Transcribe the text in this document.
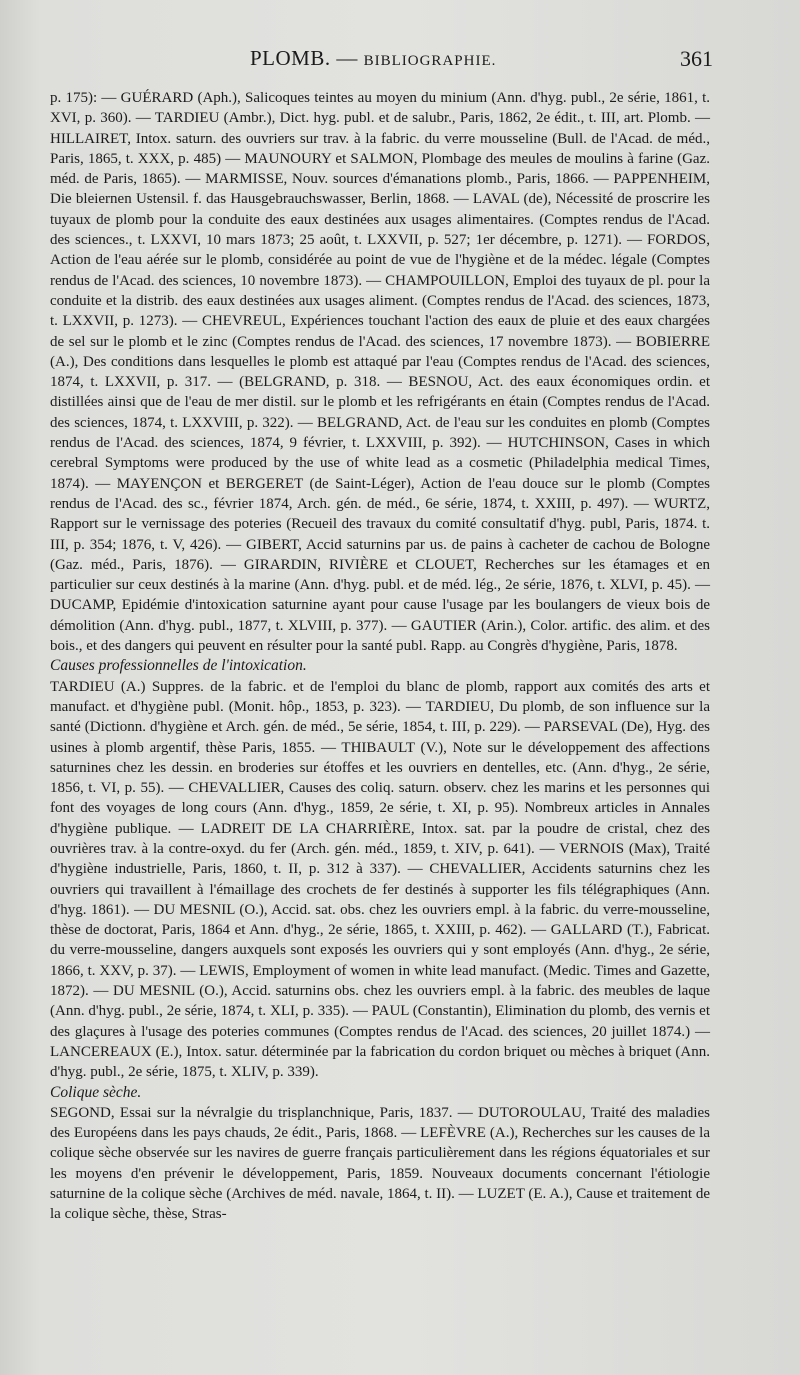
PLOMB. — BIBLIOGRAPHIE.	361

p. 175): — GUÉRARD (Aph.), Salicoques teintes au moyen du minium (Ann. d'hyg. publ., 2e série, 1861, t. XVI, p. 360). — TARDIEU (Ambr.), Dict. hyg. publ. et de salubr., Paris, 1862, 2e édit., t. III, art. Plomb. — HILLAIRET, Intox. saturn. des ouvriers sur trav. à la fabric. du verre mousseline (Bull. de l'Acad. de méd., Paris, 1865, t. XXX, p. 485) — MAUNOURY et SALMON, Plombage des meules de moulins à farine (Gaz. méd. de Paris, 1865). — MARMISSE, Nouv. sources d'émanations plomb., Paris, 1866. — PAPPENHEIM, Die bleiernen Ustensil. f. das Hausgebrauchswasser, Berlin, 1868. — LAVAL (de), Nécessité de proscrire les tuyaux de plomb pour la conduite des eaux destinées aux usages alimentaires. (Comptes rendus de l'Acad. des sciences., t. LXXVI, 10 mars 1873; 25 août, t. LXXVII, p. 527; 1er décembre, p. 1271). — FORDOS, Action de l'eau aérée sur le plomb, considérée au point de vue de l'hygiène et de la médec. légale (Comptes rendus de l'Acad. des sciences, 10 novembre 1873). — CHAMPOUILLON, Emploi des tuyaux de pl. pour la conduite et la distrib. des eaux destinées aux usages aliment. (Comptes rendus de l'Acad. des sciences, 1873, t. LXXVII, p. 1273). — CHEVREUL, Expériences touchant l'action des eaux de pluie et des eaux chargées de sel sur le plomb et le zinc (Comptes rendus de l'Acad. des sciences, 17 novembre 1873). — BOBIERRE (A.), Des conditions dans lesquelles le plomb est attaqué par l'eau (Comptes rendus de l'Acad. des sciences, 1874, t. LXXVII, p. 317. — (BELGRAND, p. 318. — BESNOU, Act. des eaux économiques ordin. et distillées ainsi que de l'eau de mer distil. sur le plomb et les refrigérants en étain (Comptes rendus de l'Acad. des sciences, 1874, t. LXXVIII, p. 322). — BELGRAND, Act. de l'eau sur les conduites en plomb (Comptes rendus de l'Acad. des sciences, 1874, 9 février, t. LXXVIII, p. 392). — HUTCHINSON, Cases in which cerebral Symptoms were produced by the use of white lead as a cosmetic (Philadelphia medical Times, 1874). — MAYENÇON et BERGERET (de Saint-Léger), Action de l'eau douce sur le plomb (Comptes rendus de l'Acad. des sc., février 1874, Arch. gén. de méd., 6e série, 1874, t. XXIII, p. 497). — WURTZ, Rapport sur le vernissage des poteries (Recueil des travaux du comité consultatif d'hyg. publ, Paris, 1874. t. III, p. 354; 1876, t. V, 426). — GIBERT, Accid saturnins par us. de pains à cacheter de cachou de Bologne (Gaz. méd., Paris, 1876). — GIRARDIN, RIVIÈRE et CLOUET, Recherches sur les étamages et en particulier sur ceux destinés à la marine (Ann. d'hyg. publ. et de méd. lég., 2e série, 1876, t. XLVI, p. 45). — DUCAMP, Epidémie d'intoxication saturnine ayant pour cause l'usage par les boulangers de vieux bois de démolition (Ann. d'hyg. publ., 1877, t. XLVIII, p. 377). — GAUTIER (Arin.), Color. artific. des alim. et des bois., et des dangers qui peuvent en résulter pour la santé publ. Rapp. au Congrès d'hygiène, Paris, 1878.

Causes professionnelles de l'intoxication.

TARDIEU (A.) Suppres. de la fabric. et de l'emploi du blanc de plomb, rapport aux comités des arts et manufact. et d'hygiène publ. (Monit. hôp., 1853, p. 323). — TARDIEU, Du plomb, de son influence sur la santé (Dictionn. d'hygiène et Arch. gén. de méd., 5e série, 1854, t. III, p. 229). — PARSEVAL (De), Hyg. des usines à plomb argentif, thèse Paris, 1855. — THIBAULT (V.), Note sur le développement des affections saturnines chez les dessin. en broderies sur étoffes et les ouvriers en dentelles, etc. (Ann. d'hyg., 2e série, 1856, t. VI, p. 55). — CHEVALLIER, Causes des coliq. saturn. observ. chez les marins et les personnes qui font des voyages de long cours (Ann. d'hyg., 1859, 2e série, t. XI, p. 95). Nombreux articles in Annales d'hygiène publique. — LADREIT DE LA CHARRIÈRE, Intox. sat. par la poudre de cristal, chez des ouvrières trav. à la contre-oxyd. du fer (Arch. gén. méd., 1859, t. XIV, p. 641). — VERNOIS (Max), Traité d'hygiène industrielle, Paris, 1860, t. II, p. 312 à 337). — CHEVALLIER, Accidents saturnins chez les ouvriers qui travaillent à l'émaillage des crochets de fer destinés à supporter les fils télégraphiques (Ann. d'hyg. 1861). — DU MESNIL (O.), Accid. sat. obs. chez les ouvriers empl. à la fabric. du verre-mousseline, thèse de doctorat, Paris, 1864 et Ann. d'hyg., 2e série, 1865, t. XXIII, p. 462). — GALLARD (T.), Fabricat. du verre-mousseline, dangers auxquels sont exposés les ouvriers qui y sont employés (Ann. d'hyg., 2e série, 1866, t. XXV, p. 37). — LEWIS, Employment of women in white lead manufact. (Medic. Times and Gazette, 1872). — DU MESNIL (O.), Accid. saturnins obs. chez les ouvriers empl. à la fabric. des meubles de laque (Ann. d'hyg. publ., 2e série, 1874, t. XLI, p. 335). — PAUL (Constantin), Elimination du plomb, des vernis et des glaçures à l'usage des poteries communes (Comptes rendus de l'Acad. des sciences, 20 juillet 1874.) — LANCEREAUX (E.), Intox. satur. déterminée par la fabrication du cordon briquet ou mèches à briquet (Ann. d'hyg. publ., 2e série, 1875, t. XLIV, p. 339).

Colique sèche.

SEGOND, Essai sur la névralgie du trisplanchnique, Paris, 1837. — DUTOROULAU, Traité des maladies des Européens dans les pays chauds, 2e édit., Paris, 1868. — LEFÈVRE (A.), Recherches sur les causes de la colique sèche observée sur les navires de guerre français particulièrement dans les régions équatoriales et sur les moyens d'en prévenir le développement, Paris, 1859. Nouveaux documents concernant l'étiologie saturnine de la colique sèche (Archives de méd. navale, 1864, t. II). — LUZET (E. A.), Cause et traitement de la colique sèche, thèse, Stras-
